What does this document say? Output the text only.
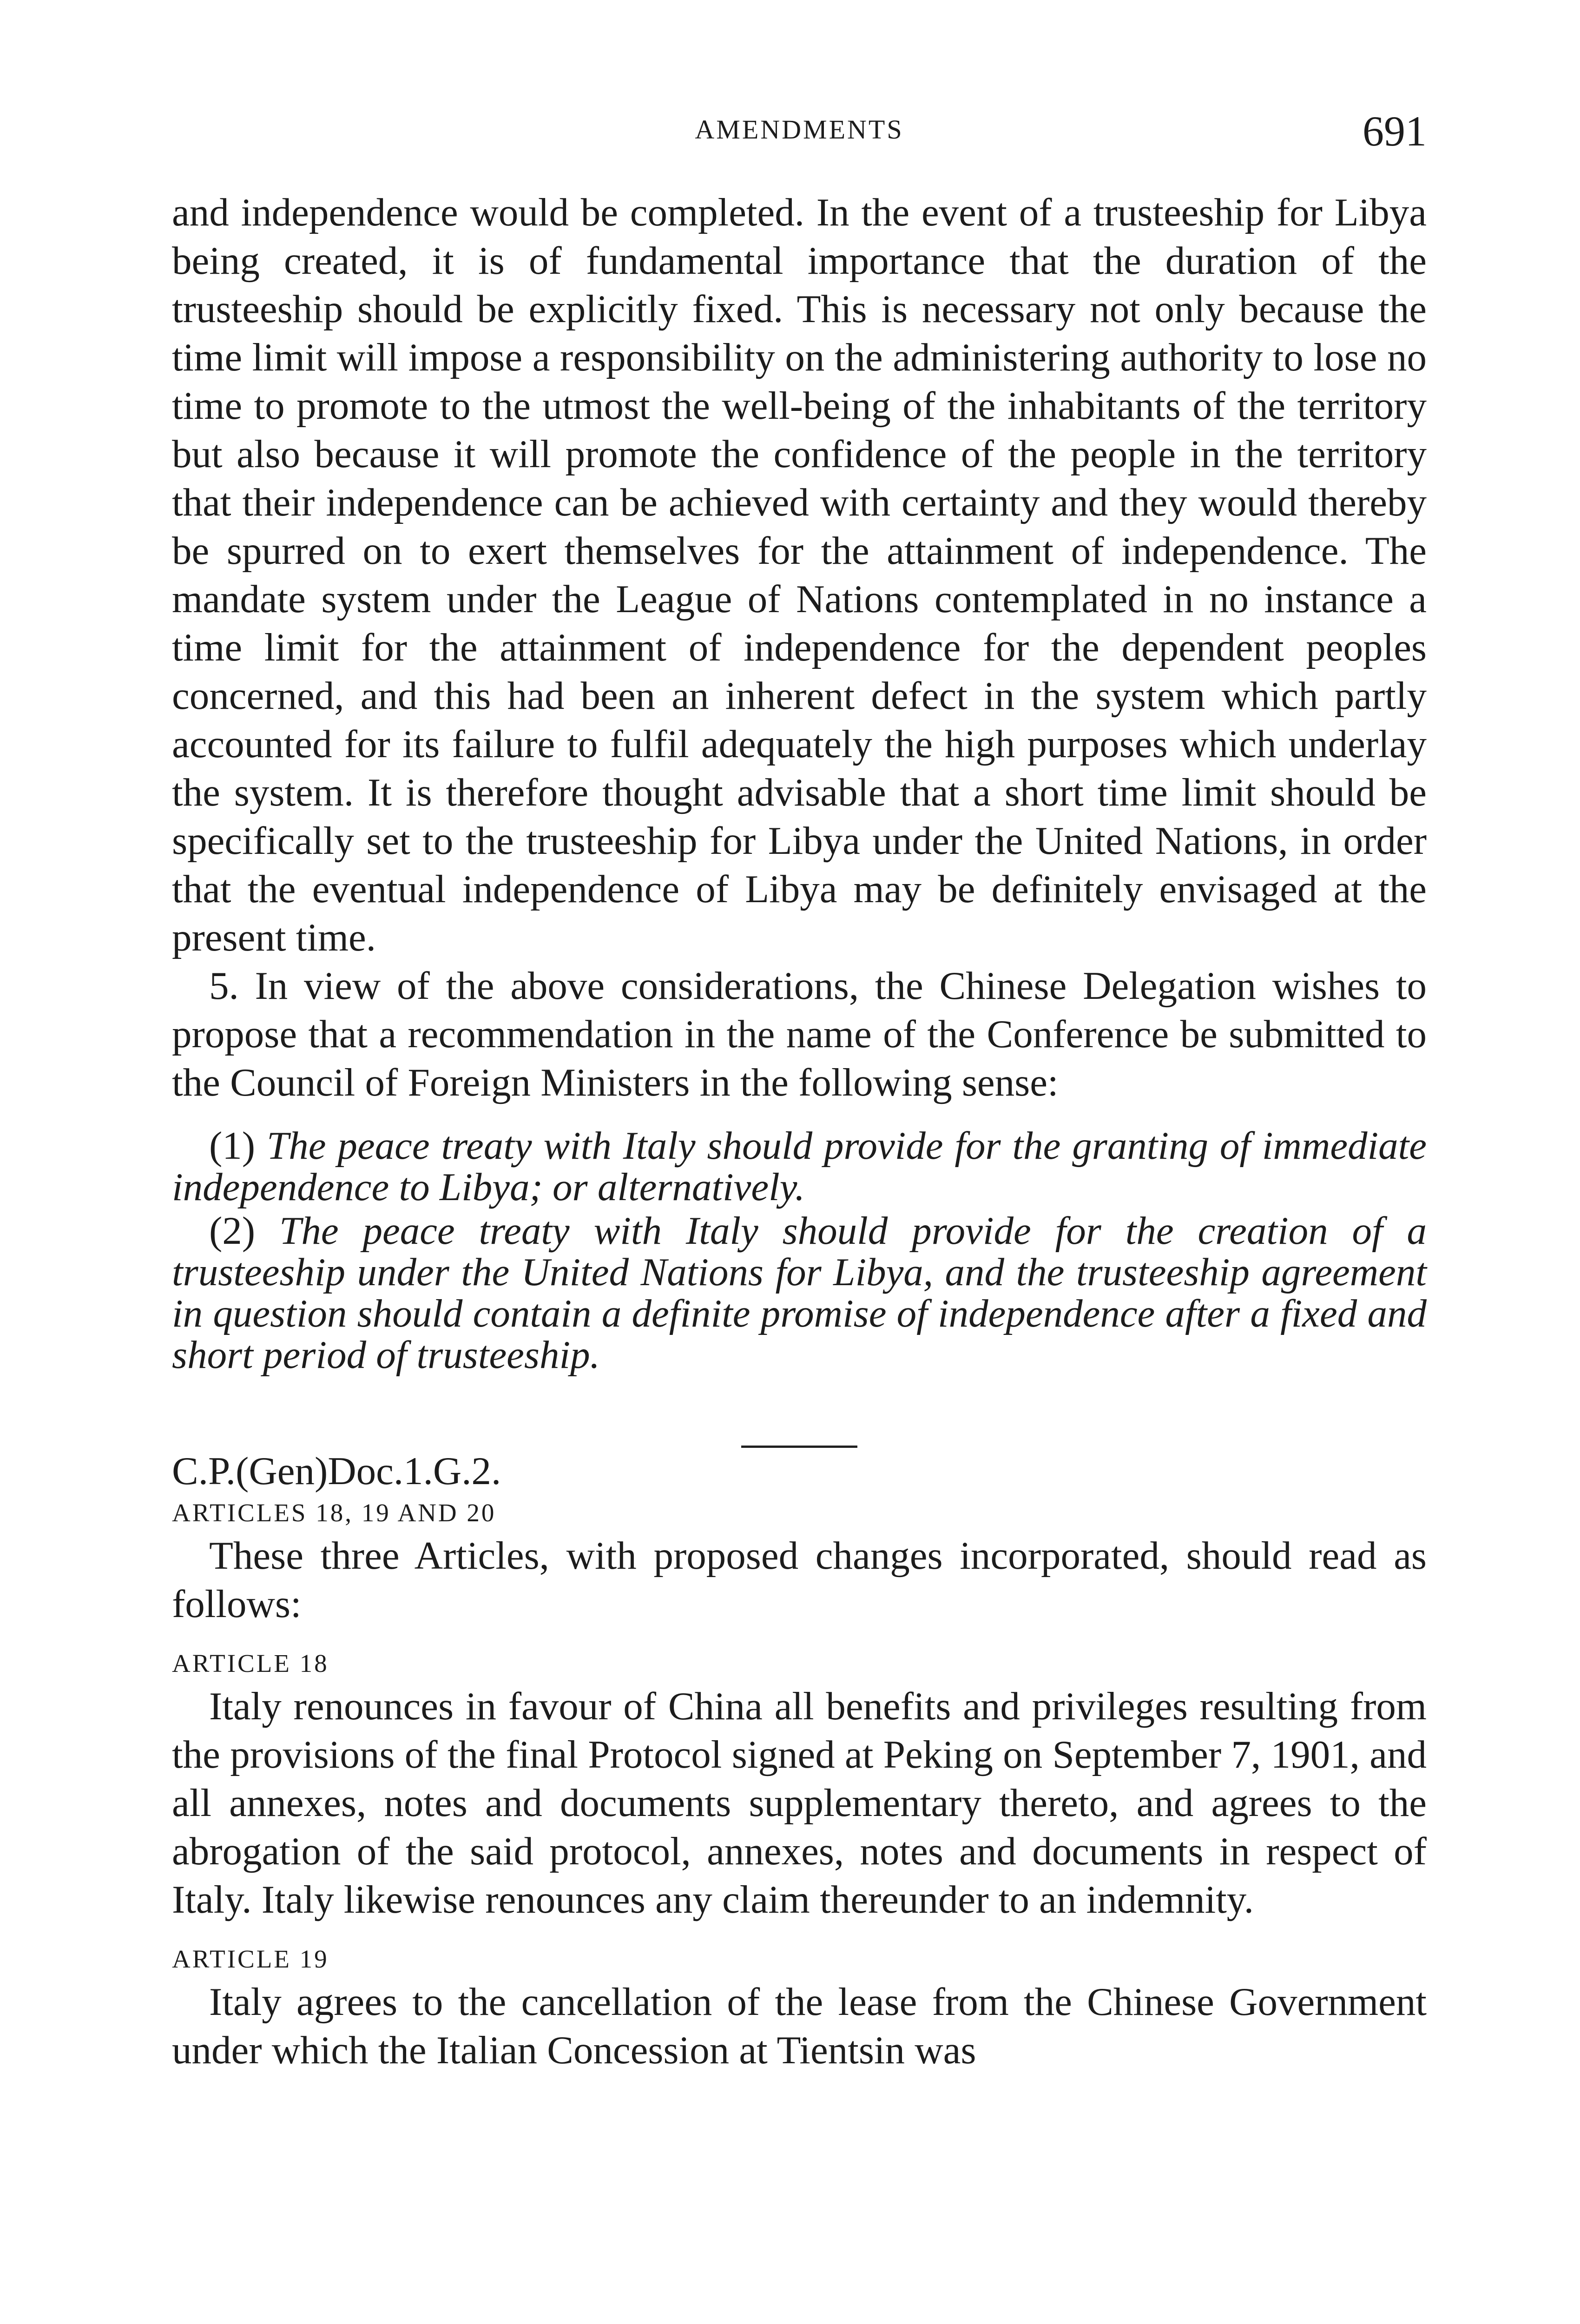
AMENDMENTS	691

and independence would be completed. In the event of a trusteeship for Libya being created, it is of fundamental importance that the duration of the trusteeship should be explicitly fixed. This is necessary not only because the time limit will impose a responsibility on the administering authority to lose no time to promote to the utmost the well-being of the inhabitants of the territory but also because it will promote the confidence of the people in the territory that their independence can be achieved with certainty and they would thereby be spurred on to exert themselves for the attainment of independence. The mandate system under the League of Nations contemplated in no instance a time limit for the attainment of independence for the dependent peoples concerned, and this had been an inherent defect in the system which partly accounted for its failure to fulfil adequately the high purposes which underlay the system. It is therefore thought advisable that a short time limit should be specifically set to the trusteeship for Libya under the United Nations, in order that the eventual independence of Libya may be definitely envisaged at the present time.

5. In view of the above considerations, the Chinese Delegation wishes to propose that a recommendation in the name of the Conference be submitted to the Council of Foreign Ministers in the following sense:

(1) The peace treaty with Italy should provide for the granting of immediate independence to Libya; or alternatively.

(2) The peace treaty with Italy should provide for the creation of a trusteeship under the United Nations for Libya, and the trusteeship agreement in question should contain a definite promise of independence after a fixed and short period of trusteeship.

C.P.(Gen)Doc.1.G.2.

ARTICLES 18, 19 AND 20

These three Articles, with proposed changes incorporated, should read as follows:

ARTICLE 18

Italy renounces in favour of China all benefits and privileges resulting from the provisions of the final Protocol signed at Peking on September 7, 1901, and all annexes, notes and documents supplementary thereto, and agrees to the abrogation of the said protocol, annexes, notes and documents in respect of Italy. Italy likewise renounces any claim thereunder to an indemnity.

ARTICLE 19

Italy agrees to the cancellation of the lease from the Chinese Government under which the Italian Concession at Tientsin was
